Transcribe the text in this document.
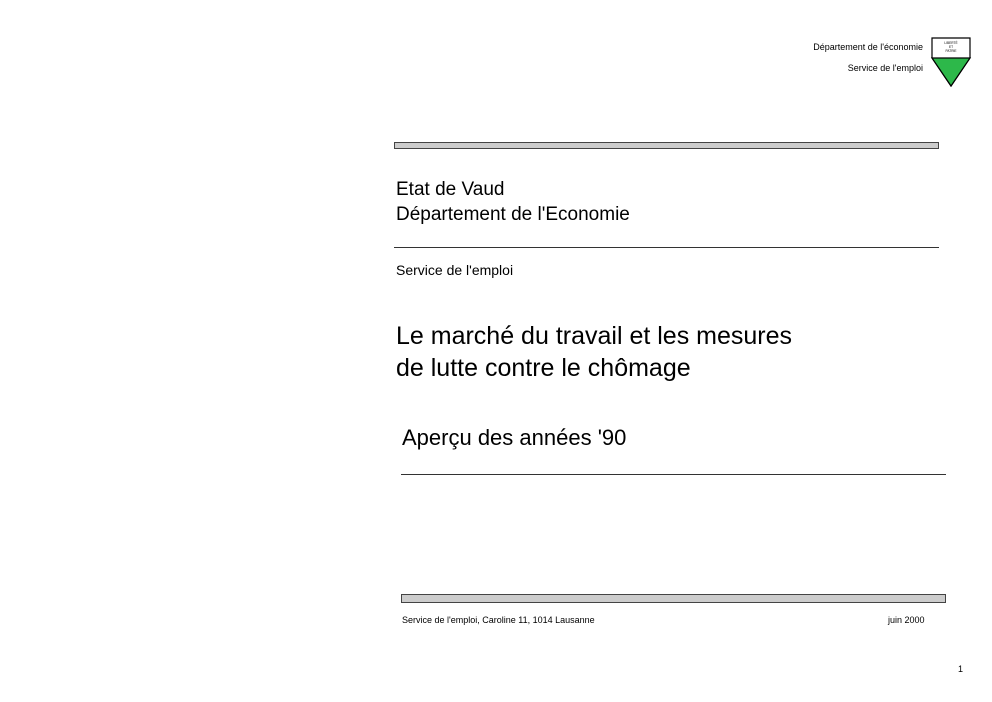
Département de l'économie
Service de l'emploi
LIBERTÉ
ET
PATRIE
Etat de Vaud
Département de l'Economie
Service de l'emploi
Le marché du travail et les mesures
de lutte contre le chômage
Aperçu des années '90
Service de l'emploi, Caroline 11, 1014 Lausanne	juin 2000
1
